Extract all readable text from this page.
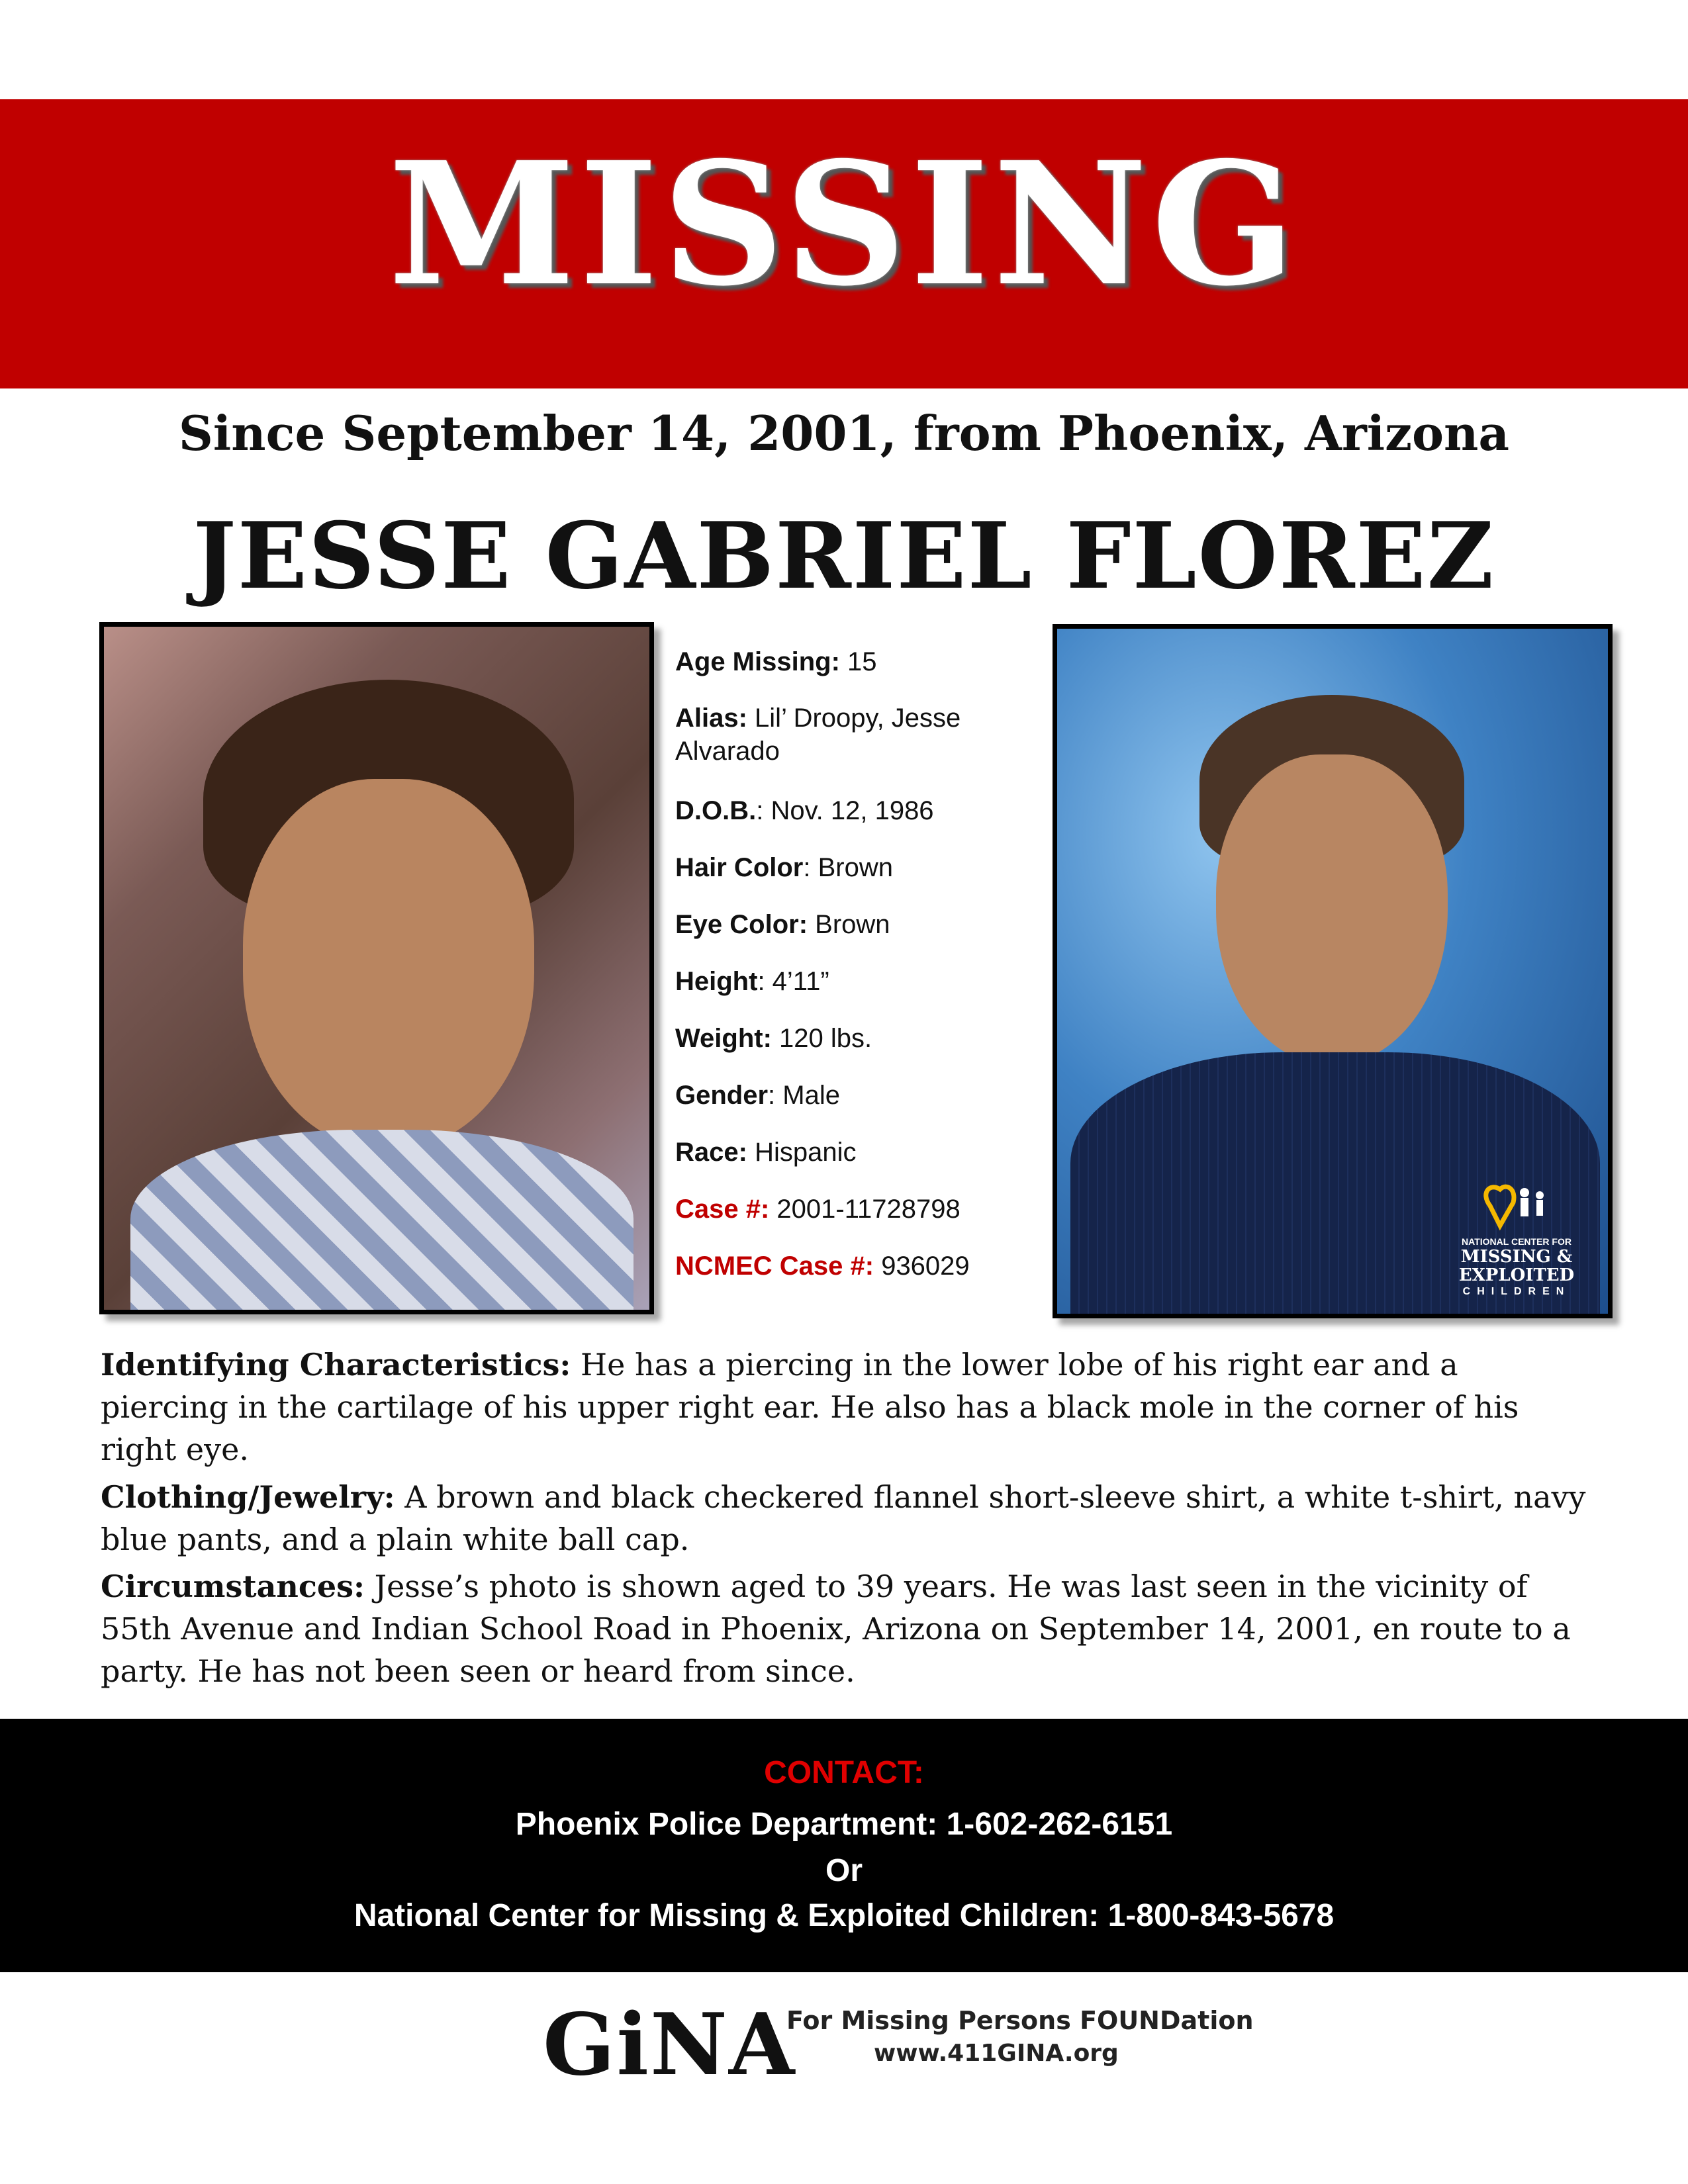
MISSING
Since September 14, 2001, from Phoenix, Arizona
JESSE GABRIEL FLOREZ
Age Missing: 15
Alias: Lil’ Droopy, Jesse Alvarado
D.O.B.: Nov. 12, 1986
Hair Color: Brown
Eye Color: Brown
Height: 4’11”
Weight: 120 lbs.
Gender: Male
Race: Hispanic
Case #: 2001-11728798
NCMEC Case #: 936029
NATIONAL CENTER FOR
MISSING & EXPLOITED
CHILDREN
Identifying Characteristics: He has a piercing in the lower lobe of his right ear and a piercing in the cartilage of his upper right ear. He also has a black mole in the corner of his right eye.
Clothing/Jewelry: A brown and black checkered flannel short-sleeve shirt, a white t-shirt, navy blue pants, and a plain white ball cap.
Circumstances: Jesse’s photo is shown aged to 39 years. He was last seen in the vicinity of 55th Avenue and Indian School Road in Phoenix, Arizona on September 14, 2001, en route to a party. He has not been seen or heard from since.
CONTACT:
Phoenix Police Department: 1-602-262-6151
Or
National Center for Missing & Exploited Children: 1-800-843-5678
GiNA
For Missing Persons FOUNDation
www.411GINA.org
